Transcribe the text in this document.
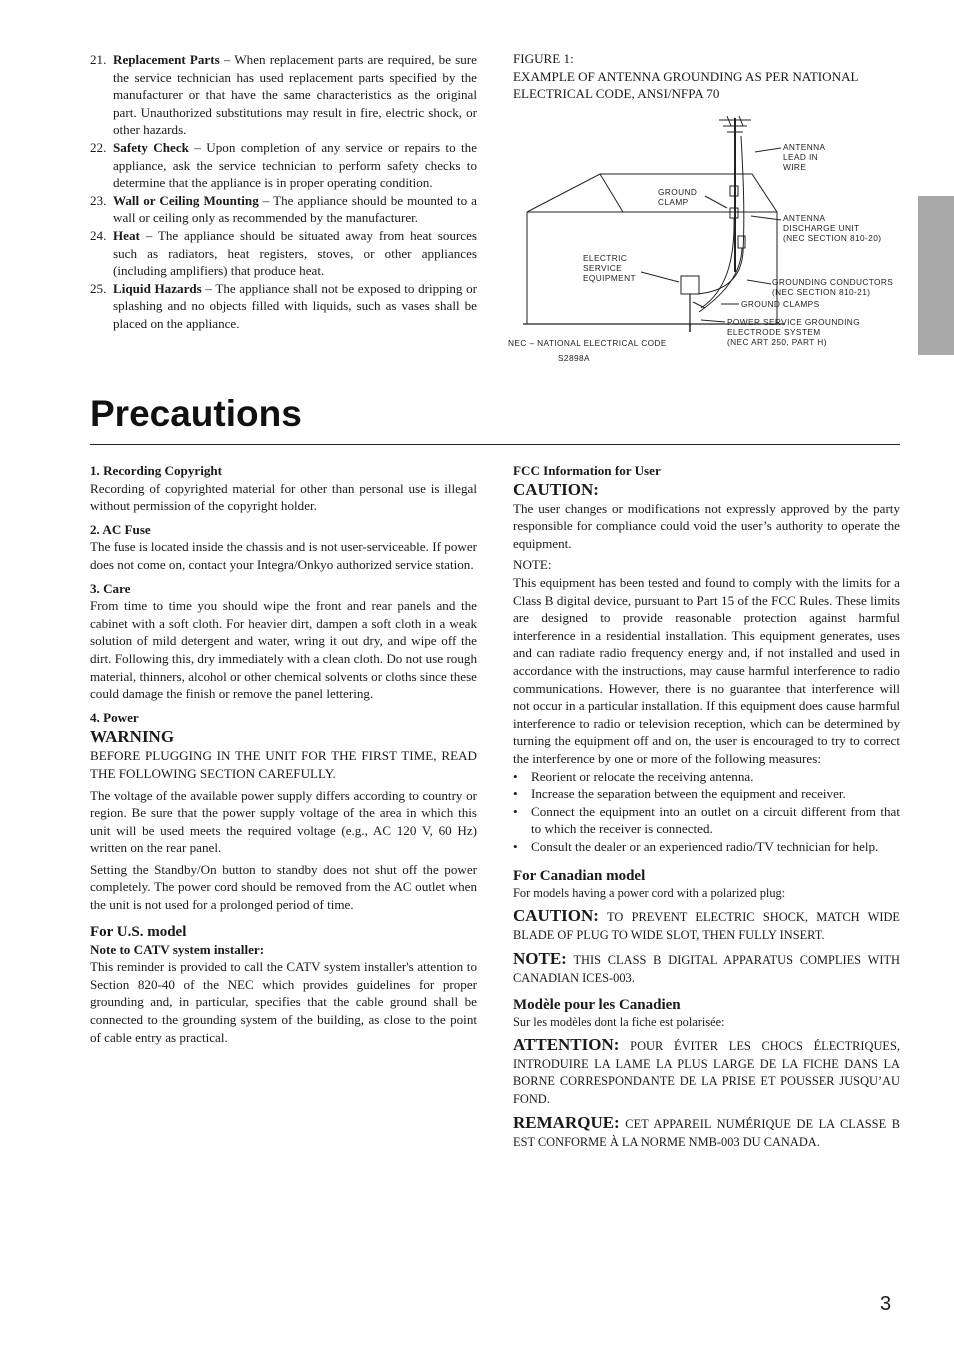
21. Replacement Parts – When replacement parts are required, be sure the service technician has used replacement parts specified by the manufacturer or that have the same characteristics as the original part. Unauthorized substitutions may result in fire, electric shock, or other hazards.
22. Safety Check – Upon completion of any service or repairs to the appliance, ask the service technician to perform safety checks to determine that the appliance is in proper operating condition.
23. Wall or Ceiling Mounting – The appliance should be mounted to a wall or ceiling only as recommended by the manufacturer.
24. Heat – The appliance should be situated away from heat sources such as radiators, heat registers, stoves, or other appliances (including amplifiers) that produce heat.
25. Liquid Hazards – The appliance shall not be exposed to dripping or splashing and no objects filled with liquids, such as vases shall be placed on the appliance.

FIGURE 1:

EXAMPLE OF ANTENNA GROUNDING AS PER NATIONAL ELECTRICAL CODE, ANSI/NFPA 70

ANTENNA
LEAD IN
WIRE
GROUND
CLAMP
ANTENNA
DISCHARGE UNIT
(NEC SECTION 810-20)
ELECTRIC
SERVICE
EQUIPMENT	GROUNDING CONDUCTORS
(NEC SECTION 810-21)
GROUND CLAMPS
POWER SERVICE GROUNDING
ELECTRODE SYSTEM
(NEC ART 250, PART H)
NEC – NATIONAL ELECTRICAL CODE
S2898A
Precautions

1. Recording Copyright

Recording of copyrighted material for other than personal use is illegal without permission of the copyright holder.

2. AC Fuse

The fuse is located inside the chassis and is not user-serviceable. If power does not come on, contact your Integra/Onkyo authorized service station.

3. Care

From time to time you should wipe the front and rear panels and the cabinet with a soft cloth. For heavier dirt, dampen a soft cloth in a weak solution of mild detergent and water, wring it out dry, and wipe off the dirt. Following this, dry immediately with a clean cloth. Do not use rough material, thinners, alcohol or other chemical solvents or cloths since these could damage the finish or remove the panel lettering.

4. Power

WARNING

BEFORE PLUGGING IN THE UNIT FOR THE FIRST TIME, READ THE FOLLOWING SECTION CAREFULLY.

The voltage of the available power supply differs according to country or region. Be sure that the power supply voltage of the area in which this unit will be used meets the required voltage (e.g., AC 120 V, 60 Hz) written on the rear panel.

Setting the Standby/On button to standby does not shut off the power completely. The power cord should be removed from the AC outlet when the unit is not used for a prolonged period of time.

For U.S. model

Note to CATV system installer:

This reminder is provided to call the CATV system installer's attention to Section 820-40 of the NEC which provides guidelines for proper grounding and, in particular, specifies that the cable ground shall be connected to the grounding system of the building, as close to the point of cable entry as practical.

FCC Information for User

CAUTION:

The user changes or modifications not expressly approved by the party responsible for compliance could void the user’s authority to operate the equipment.

NOTE:

This equipment has been tested and found to comply with the limits for a Class B digital device, pursuant to Part 15 of the FCC Rules. These limits are designed to provide reasonable protection against harmful interference in a residential installation. This equipment generates, uses and can radiate radio frequency energy and, if not installed and used in accordance with the instructions, may cause harmful interference to radio communications. However, there is no guarantee that interference will not occur in a particular installation. If this equipment does cause harmful interference to radio or television reception, which can be determined by turning the equipment off and on, the user is encouraged to try to correct the interference by one or more of the following measures:

• Reorient or relocate the receiving antenna.
• Increase the separation between the equipment and receiver.
• Connect the equipment into an outlet on a circuit different from that to which the receiver is connected.
• Consult the dealer or an experienced radio/TV technician for help.

For Canadian model

For models having a power cord with a polarized plug:

CAUTION: TO PREVENT ELECTRIC SHOCK, MATCH WIDE BLADE OF PLUG TO WIDE SLOT, THEN FULLY INSERT.

NOTE: THIS CLASS B DIGITAL APPARATUS COMPLIES WITH CANADIAN ICES-003.

Modèle pour les Canadien

Sur les modèles dont la fiche est polarisée:

ATTENTION: POUR ÉVITER LES CHOCS ÉLECTRIQUES, INTRODUIRE LA LAME LA PLUS LARGE DE LA FICHE DANS LA BORNE CORRESPONDANTE DE LA PRISE ET POUSSER JUSQU’AU FOND.

REMARQUE: CET APPAREIL NUMÉRIQUE DE LA CLASSE B EST CONFORME À LA NORME NMB-003 DU CANADA.

3
